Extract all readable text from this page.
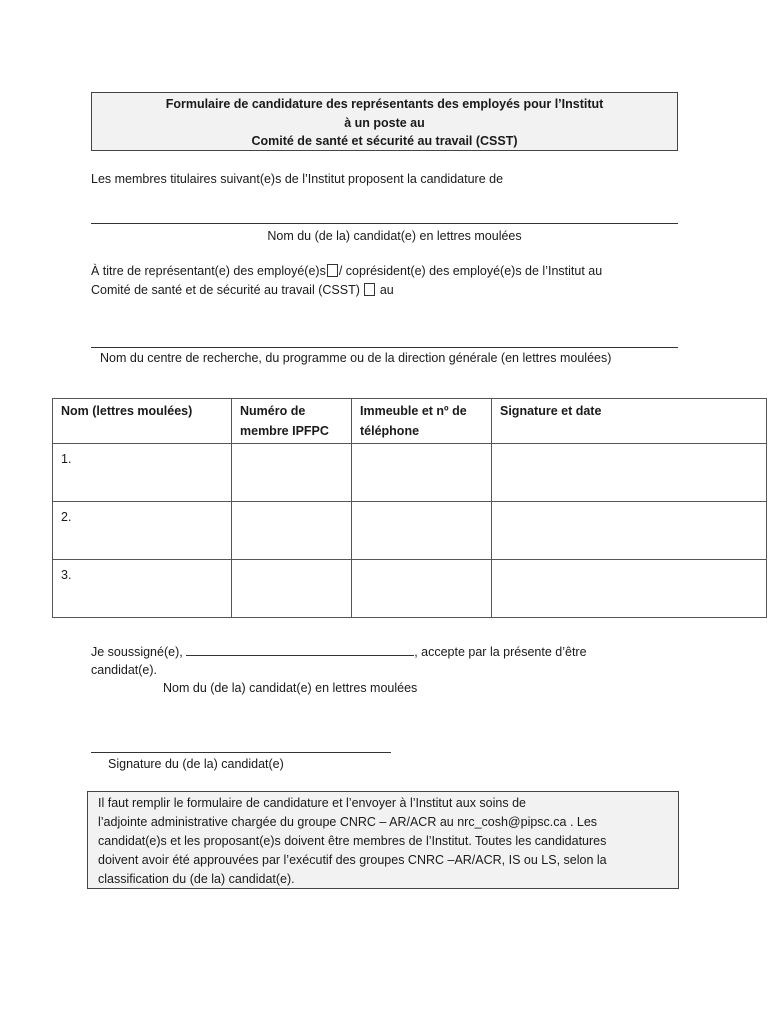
Formulaire de candidature des représentants des employés pour l’Institut
à un poste au
Comité de santé et sécurité au travail (CSST)
Les membres titulaires suivant(e)s de l’Institut proposent la candidature de
Nom du (de la) candidat(e) en lettres moulées
À titre de représentant(e) des employé(e)s / coprésident(e) des employé(e)s de l’Institut au
Comité de santé et de sécurité au travail (CSST) au
Nom du centre de recherche, du programme ou de la direction générale (en lettres moulées)
Nom (lettres moulées)	Numéro de membre IPFPC	Immeuble et nº de téléphone	Signature et date
1.			
2.			
3.			
Je soussigné(e),	, accepte par la présente d’être
candidat(e).
Nom du (de la) candidat(e) en lettres moulées
Signature du (de la) candidat(e)
Il faut remplir le formulaire de candidature et l’envoyer à l’Institut aux soins de
l’adjointe administrative chargée du groupe CNRC – AR/ACR au nrc_cosh@pipsc.ca . Les
candidat(e)s et les proposant(e)s doivent être membres de l’Institut. Toutes les candidatures
doivent avoir été approuvées par l’exécutif des groupes CNRC –AR/ACR, IS ou LS, selon la
classification du (de la) candidat(e).
